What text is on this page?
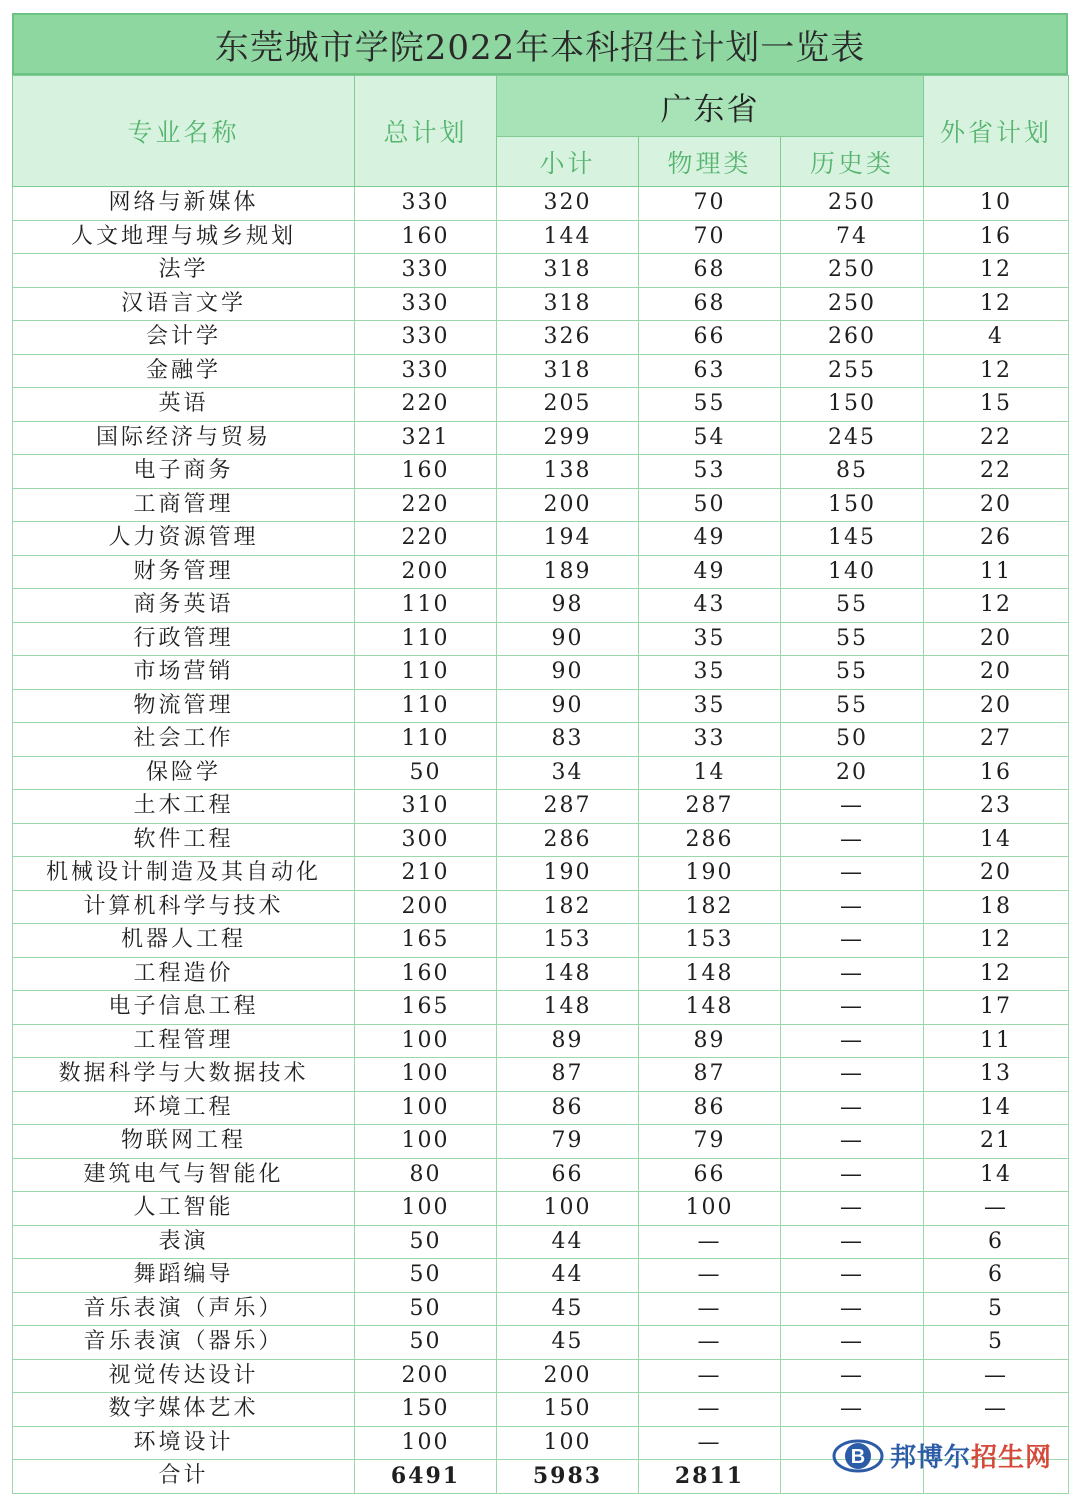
东莞城市学院2022年本科招生计划一览表
专业名称	总计划	广东省			外省计划
		小计	物理类	历史类	
网络与新媒体	330	320	70	250	10
人文地理与城乡规划	160	144	70	74	16
法学	330	318	68	250	12
汉语言文学	330	318	68	250	12
会计学	330	326	66	260	4
金融学	330	318	63	255	12
英语	220	205	55	150	15
国际经济与贸易	321	299	54	245	22
电子商务	160	138	53	85	22
工商管理	220	200	50	150	20
人力资源管理	220	194	49	145	26
财务管理	200	189	49	140	11
商务英语	110	98	43	55	12
行政管理	110	90	35	55	20
市场营销	110	90	35	55	20
物流管理	110	90	35	55	20
社会工作	110	83	33	50	27
保险学	50	34	14	20	16
土木工程	310	287	287	—	23
软件工程	300	286	286	—	14
机械设计制造及其自动化	210	190	190	—	20
计算机科学与技术	200	182	182	—	18
机器人工程	165	153	153	—	12
工程造价	160	148	148	—	12
电子信息工程	165	148	148	—	17
工程管理	100	89	89	—	11
数据科学与大数据技术	100	87	87	—	13
环境工程	100	86	86	—	14
物联网工程	100	79	79	—	21
建筑电气与智能化	80	66	66	—	14
人工智能	100	100	100	—	—
表演	50	44	—	—	6
舞蹈编导	50	44	—	—	6
音乐表演（声乐）	50	45	—	—	5
音乐表演（器乐）	50	45	—	—	5
视觉传达设计	200	200	—	—	—
数字媒体艺术	150	150	—	—	—
环境设计	100	100	—		
合计	6491	5983	2811		
B 邦博尔招生网
